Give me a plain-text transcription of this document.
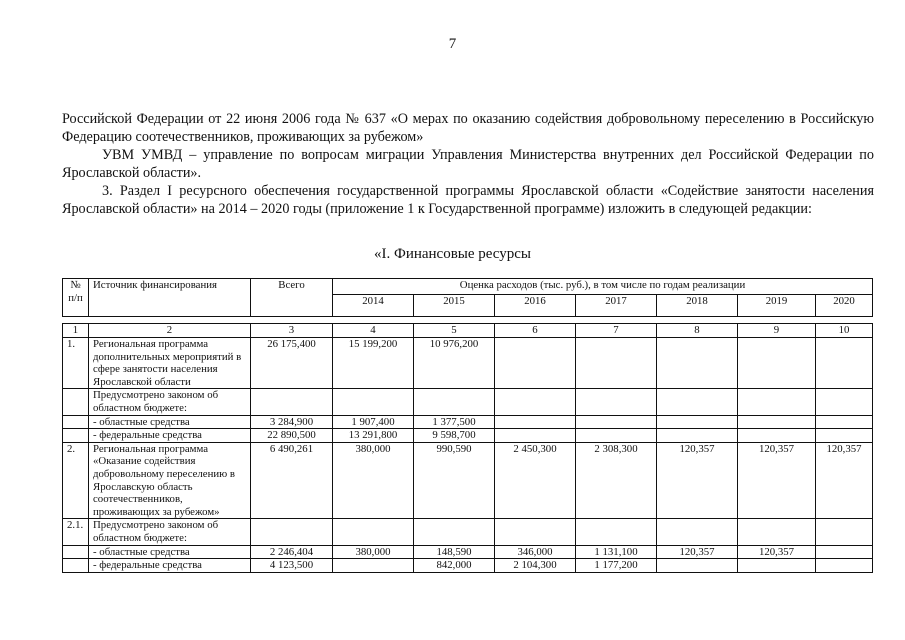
7

Российской Федерации от 22 июня 2006 года № 637 «О мерах по оказанию содействия добровольному переселению в Российскую Федерацию соотечественников, проживающих за рубежом»

УВМ УМВД – управление по вопросам миграции Управления Министерства внутренних дел Российской Федерации по Ярославской области».

3. Раздел I ресурсного обеспечения государственной программы Ярославской области «Содействие занятости населения Ярославской области» на 2014 – 2020 годы (приложение 1 к Государственной программе) изложить в следующей редакции:

«I. Финансовые ресурсы
№ п/п	Источник финансирования	Всего	Оценка расходов (тыс. руб.), в том числе по годам реализации						
			2014	2015	2016	2017	2018	2019	2020

1	2	3	4	5	6	7	8	9	10
1.	Региональная программа дополнительных мероприятий в сфере занятости населения Ярославской области	26 175,400	15 199,200	10 976,200					
	Предусмотрено законом об областном бюджете:								
	- областные средства	3 284,900	1 907,400	1 377,500					
	- федеральные средства	22 890,500	13 291,800	9 598,700					
2.	Региональная программа «Оказание содействия добровольному переселению в Ярославскую область соотечественников, проживающих за рубежом»	6 490,261	380,000	990,590	2 450,300	2 308,300	120,357	120,357	120,357
2.1.	Предусмотрено законом об областном бюджете:								
	- областные средства	2 246,404	380,000	148,590	346,000	1 131,100	120,357	120,357	
	- федеральные средства	4 123,500		842,000	2 104,300	1 177,200			
